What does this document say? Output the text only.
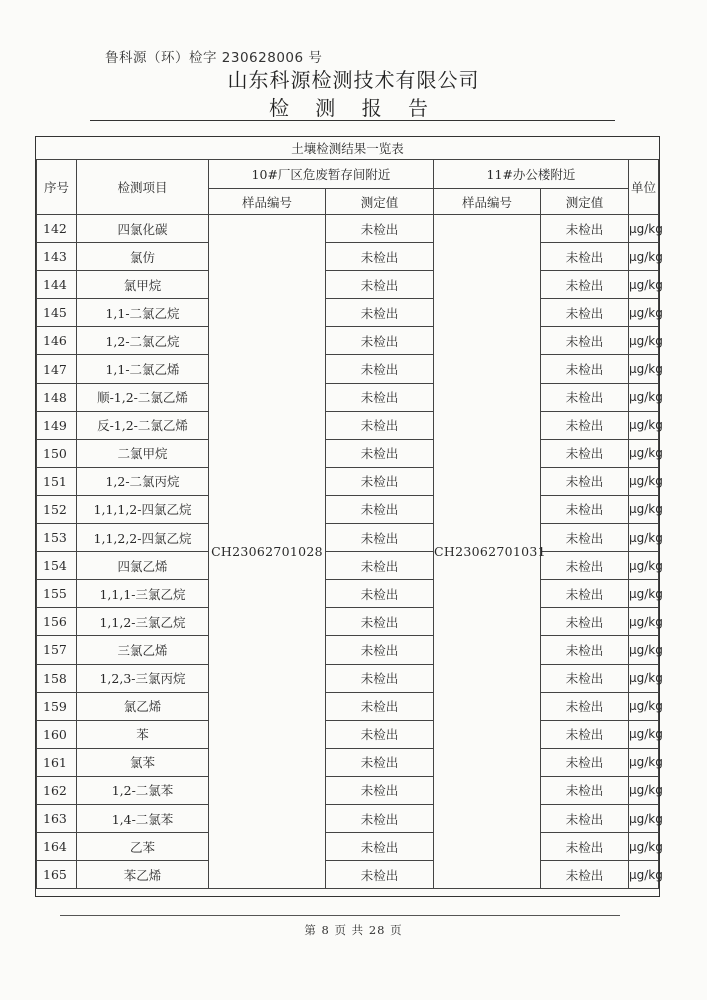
鲁科源（环）检字 230628006 号
山东科源检测技术有限公司
检 测 报 告
土壤检测结果一览表						
序号	检测项目	10#厂区危废暂存间附近		11#办公楼附近		单位
		样品编号	测定值	样品编号	测定值	
142	四氯化碳	CH23062701028	未检出	CH23062701031	未检出	μg/kg
143	氯仿		未检出		未检出	μg/kg
144	氯甲烷		未检出		未检出	μg/kg
145	1,1-二氯乙烷		未检出		未检出	μg/kg
146	1,2-二氯乙烷		未检出		未检出	μg/kg
147	1,1-二氯乙烯		未检出		未检出	μg/kg
148	顺-1,2-二氯乙烯		未检出		未检出	μg/kg
149	反-1,2-二氯乙烯		未检出		未检出	μg/kg
150	二氯甲烷		未检出		未检出	μg/kg
151	1,2-二氯丙烷		未检出		未检出	μg/kg
152	1,1,1,2-四氯乙烷		未检出		未检出	μg/kg
153	1,1,2,2-四氯乙烷		未检出		未检出	μg/kg
154	四氯乙烯		未检出		未检出	μg/kg
155	1,1,1-三氯乙烷		未检出		未检出	μg/kg
156	1,1,2-三氯乙烷		未检出		未检出	μg/kg
157	三氯乙烯		未检出		未检出	μg/kg
158	1,2,3-三氯丙烷		未检出		未检出	μg/kg
159	氯乙烯		未检出		未检出	μg/kg
160	苯		未检出		未检出	μg/kg
161	氯苯		未检出		未检出	μg/kg
162	1,2-二氯苯		未检出		未检出	μg/kg
163	1,4-二氯苯		未检出		未检出	μg/kg
164	乙苯		未检出		未检出	μg/kg
165	苯乙烯		未检出		未检出	μg/kg
第 8 页 共 28 页
